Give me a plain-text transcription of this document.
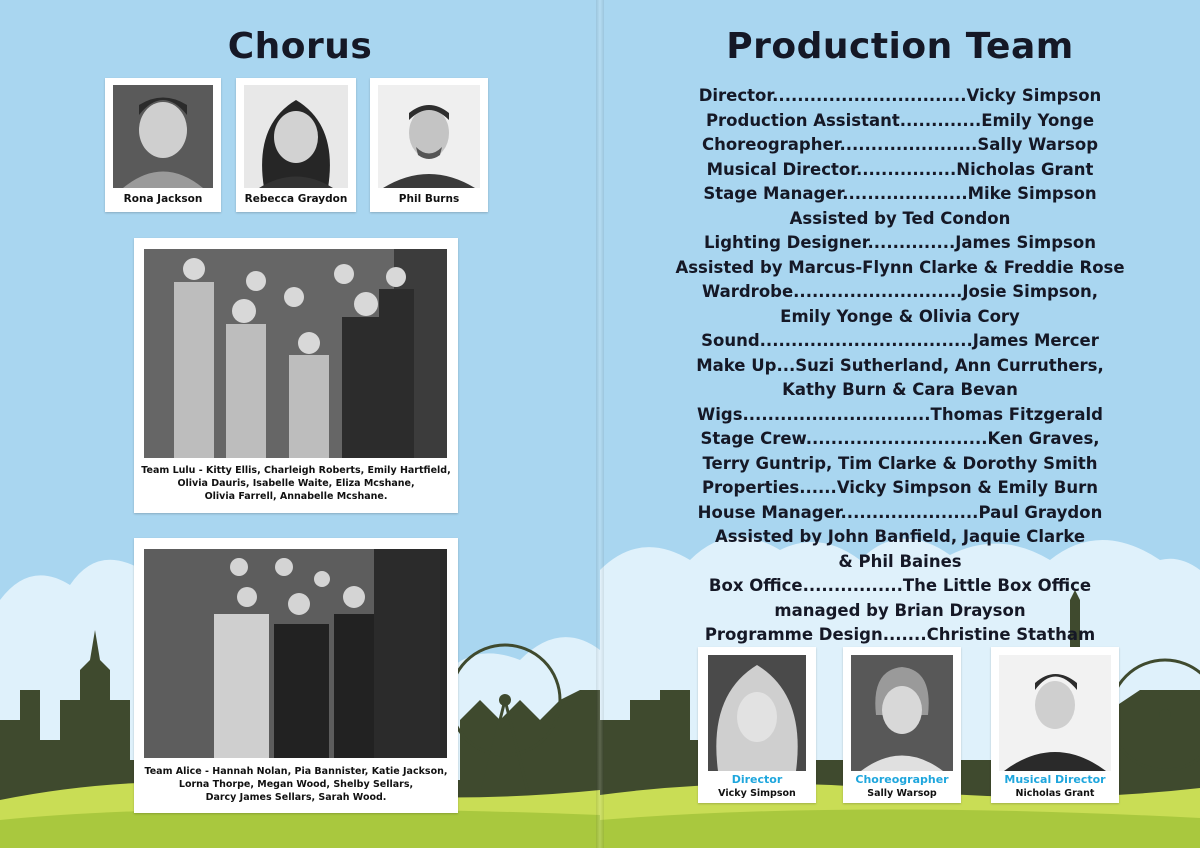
Chorus
Rona Jackson	Rebecca Graydon	Phil Burns
Team Lulu - Kitty Ellis, Charleigh Roberts, Emily Hartfield,
Olivia Dauris, Isabelle Waite, Eliza Mcshane,
Olivia Farrell, Annabelle Mcshane.
Team Alice - Hannah Nolan, Pia Bannister, Katie Jackson,
Lorna Thorpe, Megan Wood, Shelby Sellars,
Darcy James Sellars, Sarah Wood.
Production Team
Director...............................Vicky Simpson
Production Assistant.............Emily Yonge
Choreographer......................Sally Warsop
Musical Director................Nicholas Grant
Stage Manager....................Mike Simpson
Assisted by Ted Condon
Lighting Designer..............James Simpson
Assisted by Marcus-Flynn Clarke & Freddie Rose
Wardrobe...........................Josie Simpson,
Emily Yonge & Olivia Cory
Sound..................................James Mercer
Make Up...Suzi Sutherland, Ann Curruthers,
Kathy Burn & Cara Bevan
Wigs..............................Thomas Fitzgerald
Stage Crew.............................Ken Graves,
Terry Guntrip, Tim Clarke & Dorothy Smith
Properties......Vicky Simpson & Emily Burn
House Manager......................Paul Graydon
Assisted by John Banfield, Jaquie Clarke
& Phil Baines
Box Office................The Little Box Office
managed by Brian Drayson
Programme Design.......Christine Statham
Director
Vicky Simpson
Choreographer
Sally Warsop
Musical Director
Nicholas Grant
